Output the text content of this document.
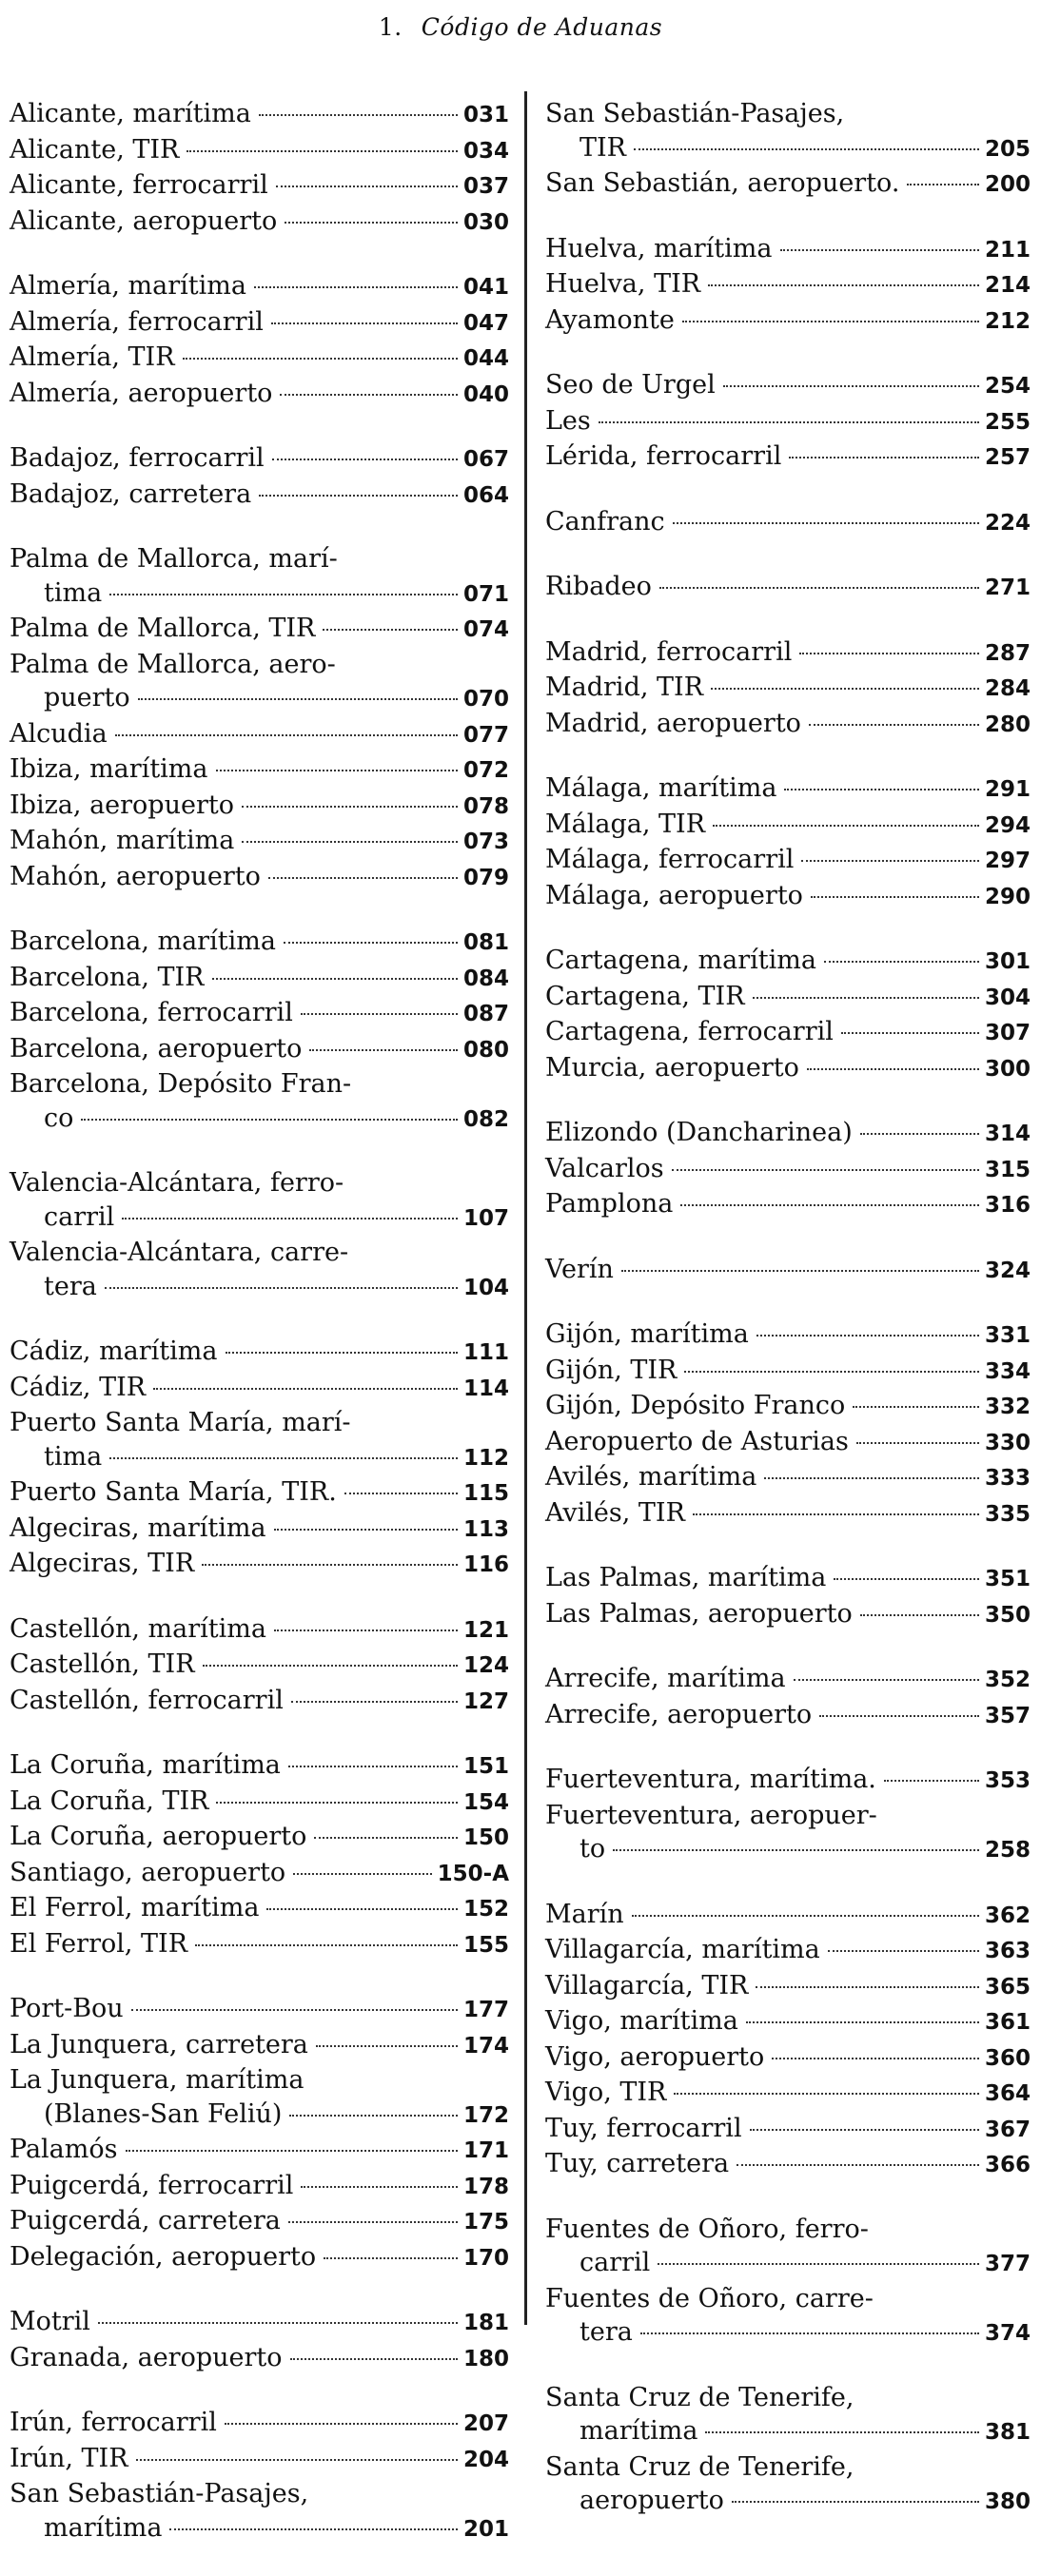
1. Código de Aduanas
Alicante, marítima	031
Alicante, TIR	034
Alicante, ferrocarril	037
Alicante, aeropuerto	030
Almería, marítima	041
Almería, ferrocarril	047
Almería, TIR	044
Almería, aeropuerto	040
Badajoz, ferrocarril	067
Badajoz, carretera	064
Palma de Mallorca, marí-
tima	071
Palma de Mallorca, TIR	074
Palma de Mallorca, aero-
puerto	070
Alcudia	077
Ibiza, marítima	072
Ibiza, aeropuerto	078
Mahón, marítima	073
Mahón, aeropuerto	079
Barcelona, marítima	081
Barcelona, TIR	084
Barcelona, ferrocarril	087
Barcelona, aeropuerto	080
Barcelona, Depósito Fran-
co	082
Valencia-Alcántara, ferro-
carril	107
Valencia-Alcántara, carre-
tera	104
Cádiz, marítima	111
Cádiz, TIR	114
Puerto Santa María, marí-
tima	112
Puerto Santa María, TIR.	115
Algeciras, marítima	113
Algeciras, TIR	116
Castellón, marítima	121
Castellón, TIR	124
Castellón, ferrocarril	127
La Coruña, marítima	151
La Coruña, TIR	154
La Coruña, aeropuerto	150
Santiago, aeropuerto	150-A
El Ferrol, marítima	152
El Ferrol, TIR	155
Port-Bou	177
La Junquera, carretera	174
La Junquera, marítima
(Blanes-San Feliú)	172
Palamós	171
Puigcerdá, ferrocarril	178
Puigcerdá, carretera	175
Delegación, aeropuerto	170
Motril	181
Granada, aeropuerto	180
Irún, ferrocarril	207
Irún, TIR	204
San Sebastián-Pasajes,
marítima	201
San Sebastián-Pasajes,
TIR	205
San Sebastián, aeropuerto.	200
Huelva, marítima	211
Huelva, TIR	214
Ayamonte	212
Seo de Urgel	254
Les	255
Lérida, ferrocarril	257
Canfranc	224
Ribadeo	271
Madrid, ferrocarril	287
Madrid, TIR	284
Madrid, aeropuerto	280
Málaga, marítima	291
Málaga, TIR	294
Málaga, ferrocarril	297
Málaga, aeropuerto	290
Cartagena, marítima	301
Cartagena, TIR	304
Cartagena, ferrocarril	307
Murcia, aeropuerto	300
Elizondo (Dancharinea)	314
Valcarlos	315
Pamplona	316
Verín	324
Gijón, marítima	331
Gijón, TIR	334
Gijón, Depósito Franco	332
Aeropuerto de Asturias	330
Avilés, marítima	333
Avilés, TIR	335
Las Palmas, marítima	351
Las Palmas, aeropuerto	350
Arrecife, marítima	352
Arrecife, aeropuerto	357
Fuerteventura, marítima.	353
Fuerteventura, aeropuer-
to	258
Marín	362
Villagarcía, marítima	363
Villagarcía, TIR	365
Vigo, marítima	361
Vigo, aeropuerto	360
Vigo, TIR	364
Tuy, ferrocarril	367
Tuy, carretera	366
Fuentes de Oñoro, ferro-
carril	377
Fuentes de Oñoro, carre-
tera	374
Santa Cruz de Tenerife,
marítima	381
Santa Cruz de Tenerife,
aeropuerto	380
